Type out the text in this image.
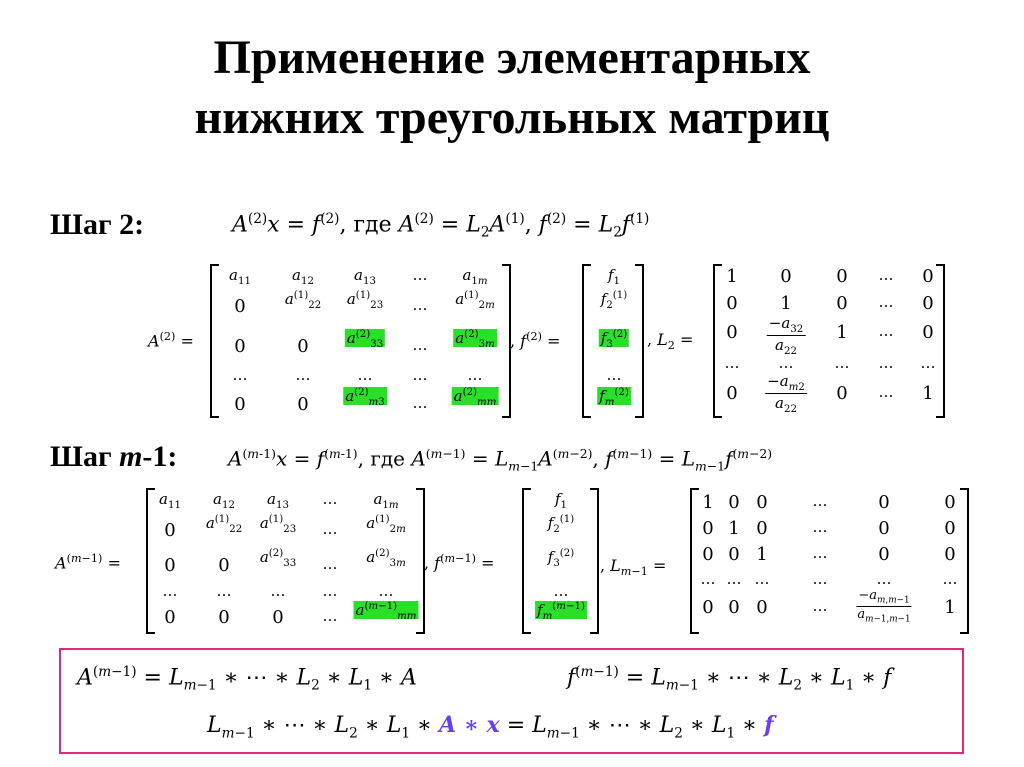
Применение элементарных
нижних треугольных матриц
Шаг 2:	$A^{(2)}x = f^{(2)}$, где $A^{(2)} = L_2A^{(1)}$, $f^{(2)} = L_2f^{(1)}$
$A^{(2)}$ =
$a_{11}$	$a_{12}$	$a_{13}$ … $a_{1m}$
0	$a^{(1)}_{22}$ $a^{(1)}_{23}$ … $a^{(1)}_{2m}$
0	0	$a^{(2)}_{33}$ … $a^{(2)}_{3m}$
…	…	…	…	…
0	0 $a^{(2)}_{m3}$ … $a^{(2)}_{mm}$
, $f^{(2)}$ =
$f_1$
$f_2^{(1)}$
$f_3^{(2)}$
…
$f_m^{(2)}$
, $L_2$ =
1 0 0 … 0
0 1 0 … 0
$0 \frac{-a_{32}}{a_{22}} 1$ … 0
…	…	… … …
$0 \frac{-a_{m2}}{a_{22}} 0$ … 1
Шаг m-1:	$A^{(m-1)}x = f^{(m-1)}$, где $A^{(m-1)} = L_{m-1}A^{(m-2)}$, $f^{(m-1)} = L_{m-1}f^{(m-2)}$
$A^{(m-1)}$ =
$a_{11}$ $a_{12}$ $a_{13}$ … $a_{1m}$
0 $a^{(1)}_{22}$ $a^{(1)}_{23}$ … $a^{(1)}_{2m}$
0 0 $a^{(2)}_{33}$ … $a^{(2)}_{3m}$
…	…	… …	…
0 0 0	… $a^{(m-1)}_{mm}$
, $f^{(m-1)}$ =
$f_1$
$f_2^{(1)}$
$f_3^{(2)}$
…
$f_m^{(m-1)}$
, $L_{m-1}$ =
1 0 0	…	0	0
0 1 0	…	0	0
0 0 1	…	0	0
… … …	…	…	…
0 0 0	… $\frac{-a_{m,m-1}}{a_{m-1,m-1}} 1$
$A^{(m-1)} = L_{m-1}$ ∗ ⋯ ∗ $L_2$ ∗ $L_1$ ∗ A	$f^{(m-1)} = L_{m-1}$ ∗ ⋯ ∗ $L_2$ ∗ $L_1$ ∗ f
$L_{m-1}$ ∗ ⋯ ∗ $L_2$ ∗ $L_1$ ∗ A ∗ $x = L_{m-1}$ ∗ ⋯ ∗ $L_2$ ∗ $L_1$ ∗ f
